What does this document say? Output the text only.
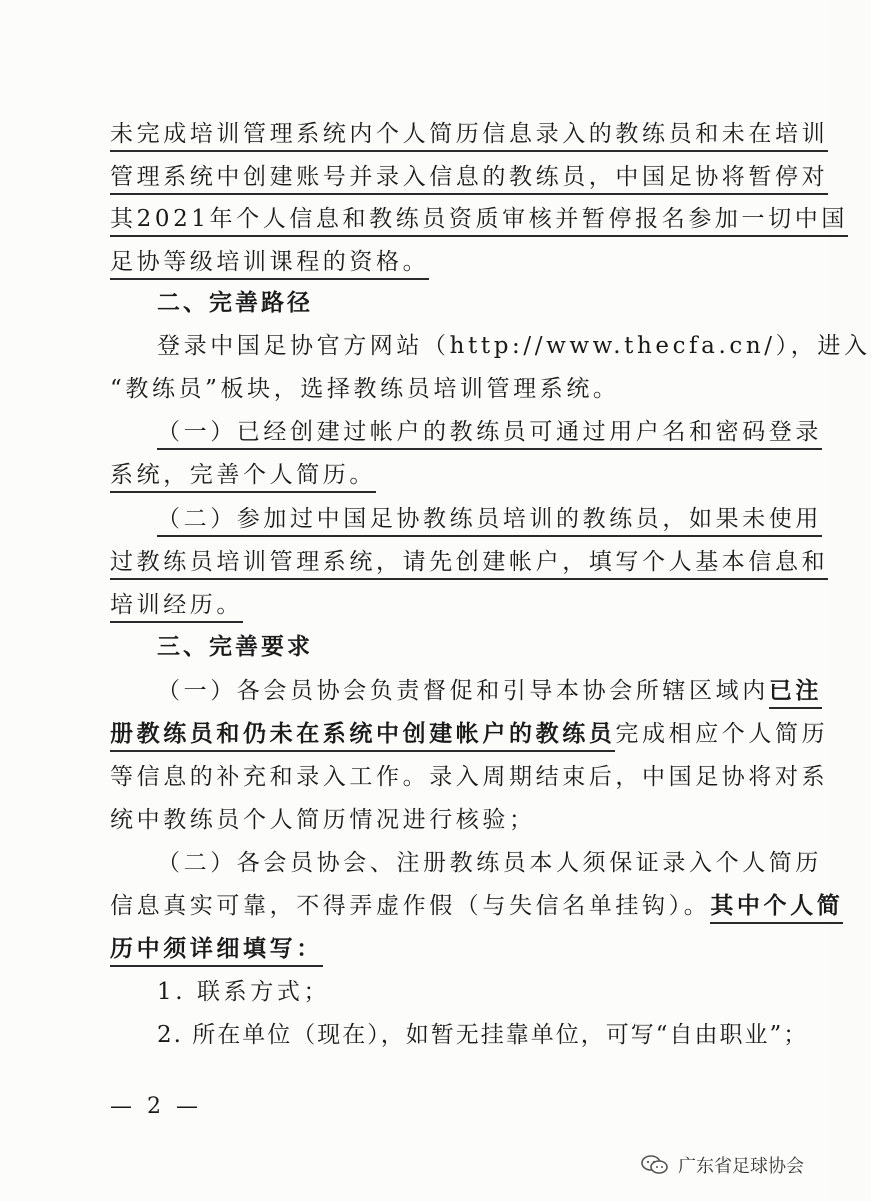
未完成培训管理系统内个人简历信息录入的教练员和未在培训
管理系统中创建账号并录入信息的教练员，中国足协将暂停对
其2021年个人信息和教练员资质审核并暂停报名参加一切中国
足协等级培训课程的资格。
二、完善路径
登录中国足协官方网站（http://www.thecfa.cn/），进入
“教练员”板块，选择教练员培训管理系统。
（一）已经创建过帐户的教练员可通过用户名和密码登录
系统，完善个人简历。
（二）参加过中国足协教练员培训的教练员，如果未使用
过教练员培训管理系统，请先创建帐户，填写个人基本信息和
培训经历。
三、完善要求
（一）各会员协会负责督促和引导本协会所辖区域内已注
册教练员和仍未在系统中创建帐户的教练员完成相应个人简历
等信息的补充和录入工作。录入周期结束后，中国足协将对系
统中教练员个人简历情况进行核验；
（二）各会员协会、注册教练员本人须保证录入个人简历
信息真实可靠，不得弄虚作假（与失信名单挂钩）。其中个人简
历中须详细填写：
1. 联系方式；
2. 所在单位（现在），如暂无挂靠单位，可写“自由职业”；
— 2 —
广东省足球协会
